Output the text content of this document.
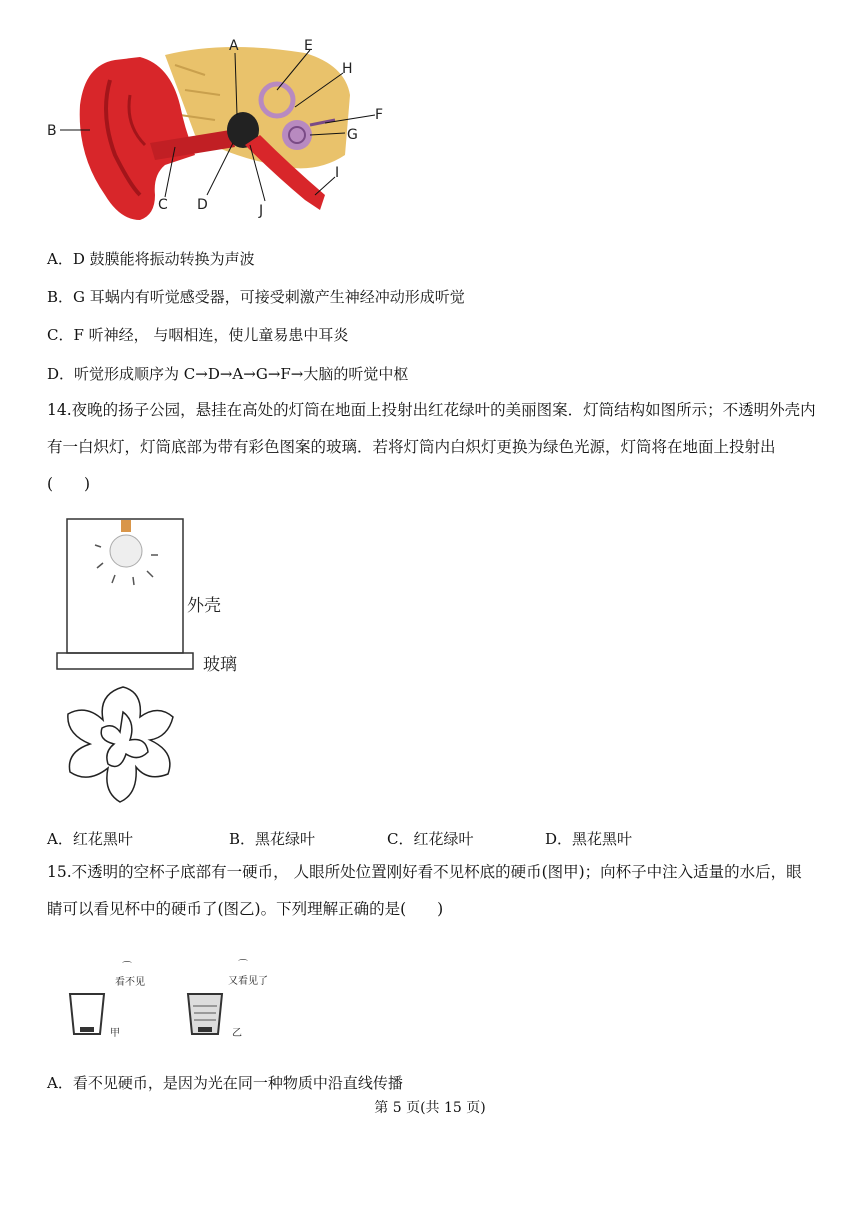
A	E
H
F
G
I
B
C D	J
A．D 鼓膜能将振动转换为声波
B．G 耳蜗内有听觉感受器，可接受刺激产生神经冲动形成听觉
C．F 听神经， 与咽相连，使儿童易患中耳炎
D．听觉形成顺序为 C→D→A→G→F→大脑的听觉中枢
14.夜晚的扬子公园，悬挂在高处的灯筒在地面上投射出红花绿叶的美丽图案．灯筒结构如图所示；不透明外壳内有一白炽灯，灯筒底部为带有彩色图案的玻璃．若将灯筒内白炽灯更换为绿色光源，灯筒将在地面上投射出(　　)
外壳
玻璃
A．红花黑叶	B．黑花绿叶	C．红花绿叶	D．黑花黑叶
15.不透明的空杯子底部有一硬币， 人眼所处位置刚好看不见杯底的硬币(图甲)；向杯子中注入适量的水后，眼睛可以看见杯中的硬币了(图乙)。下列理解正确的是(　　)
⌒
看不见
⌒
又看见了
甲	乙
A．看不见硬币，是因为光在同一种物质中沿直线传播
第 5 页(共 15 页)
